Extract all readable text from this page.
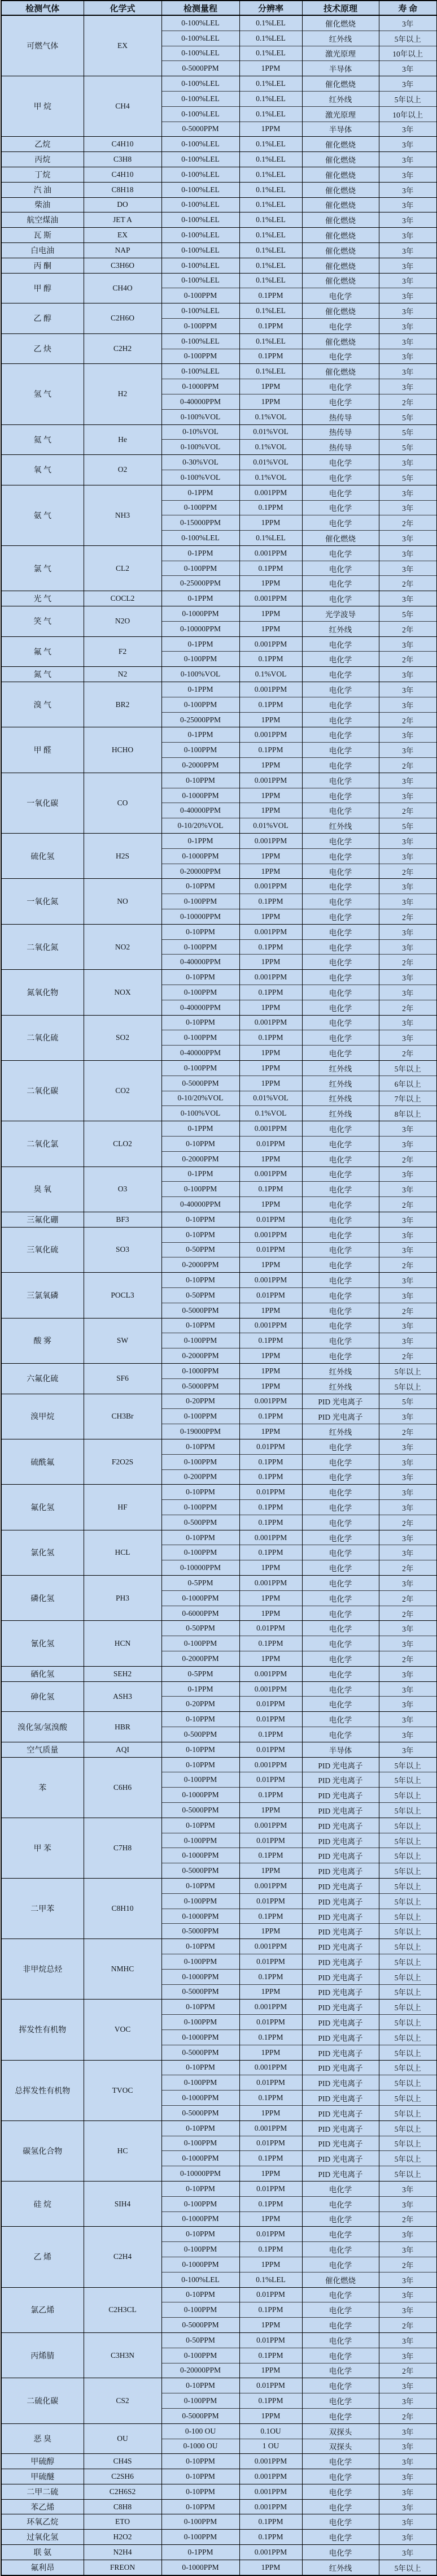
检测气体	化学式	检测量程	分辨率	技术原理	寿 命
可燃气体	EX	0-100%LEL	0.1%LEL	催化燃烧	3年
		0-100%LEL	0.1%LEL	红外线	5年以上
		0-100%LEL	0.1%LEL	激光原理	10年以上
		0-5000PPM	1PPM	半导体	3年
甲 烷	CH4	0-100%LEL	0.1%LEL	催化燃烧	3年
		0-100%LEL	0.1%LEL	红外线	5年以上
		0-100%LEL	0.1%LEL	激光原理	10年以上
		0-5000PPM	1PPM	半导体	3年
乙烷	C4H10	0-100%LEL	0.1%LEL	催化燃烧	3年
丙烷	C3H8	0-100%LEL	0.1%LEL	催化燃烧	3年
丁烷	C4H10	0-100%LEL	0.1%LEL	催化燃烧	3年
汽 油	C8H18	0-100%LEL	0.1%LEL	催化燃烧	3年
柴油	DO	0-100%LEL	0.1%LEL	催化燃烧	3年
航空煤油	JET A	0-100%LEL	0.1%LEL	催化燃烧	3年
瓦 斯	EX	0-100%LEL	0.1%LEL	催化燃烧	3年
白电油	NAP	0-100%LEL	0.1%LEL	催化燃烧	3年
丙 酮	C3H6O	0-100%LEL	0.1%LEL	催化燃烧	3年
甲 醇	CH4O	0-100%LEL	0.1%LEL	催化燃烧	3年
		0-100PPM	0.1PPM	电化学	3年
乙 醇	C2H6O	0-100%LEL	0.1%LEL	催化燃烧	3年
		0-100PPM	0.1PPM	电化学	3年
乙 炔	C2H2	0-100%LEL	0.1%LEL	催化燃烧	3年
		0-100PPM	0.1PPM	电化学	3年
氢 气	H2	0-100%LEL	0.1%LEL	催化燃烧	3年
		0-1000PPM	1PPM	电化学	3年
		0-40000PPM	1PPM	电化学	2年
		0-100%VOL	0.1%VOL	热传导	5年
氦 气	He	0-10%VOL	0.01%VOL	热传导	5年
		0-100%VOL	0.1%VOL	热传导	5年
氧 气	O2	0-30%VOL	0.01%VOL	电化学	3年
		0-100%VOL	0.1%VOL	电化学	5年
氨 气	NH3	0-1PPM	0.001PPM	电化学	3年
		0-100PPM	0.1PPM	电化学	3年
		0-15000PPM	1PPM	电化学	2年
		0-100%LEL	0.1%LEL	催化燃烧	3年
氯 气	CL2	0-1PPM	0.001PPM	电化学	3年
		0-100PPM	0.1PPM	电化学	3年
		0-25000PPM	1PPM	电化学	2年
光 气	COCL2	0-1PPM	0.001PPM	电化学	3年
笑 气	N2O	0-1000PPM	1PPM	光学波导	5年
		0-10000PPM	1PPM	红外线	2年
氟 气	F2	0-1PPM	0.001PPM	电化学	3年
		0-100PPM	0.1PPM	电化学	2年
氮 气	N2	0-100%VOL	0.1%VOL	电化学	3年
溴 气	BR2	0-1PPM	0.001PPM	电化学	3年
		0-100PPM	0.1PPM	电化学	3年
		0-25000PPM	1PPM	电化学	2年
甲 醛	HCHO	0-1PPM	0.001PPM	电化学	3年
		0-100PPM	0.1PPM	电化学	3年
		0-2000PPM	1PPM	电化学	2年
一氧化碳	CO	0-10PPM	0.001PPM	电化学	3年
		0-1000PPM	1PPM	电化学	3年
		0-40000PPM	1PPM	电化学	2年
		0-10/20%VOL	0.01%VOL	红外线	5年
硫化氢	H2S	0-1PPM	0.001PPM	电化学	3年
		0-1000PPM	1PPM	电化学	3年
		0-20000PPM	1PPM	电化学	2年
一氧化氮	NO	0-10PPM	0.001PPM	电化学	3年
		0-100PPM	0.1PPM	电化学	3年
		0-10000PPM	1PPM	电化学	2年
二氧化氮	NO2	0-10PPM	0.001PPM	电化学	3年
		0-100PPM	0.1PPM	电化学	3年
		0-40000PPM	1PPM	电化学	2年
氮氧化物	NOX	0-10PPM	0.001PPM	电化学	3年
		0-100PPM	0.1PPM	电化学	3年
		0-40000PPM	1PPM	电化学	2年
二氧化硫	SO2	0-10PPM	0.001PPM	电化学	3年
		0-100PPM	0.1PPM	电化学	3年
		0-40000PPM	1PPM	电化学	2年
二氧化碳	CO2	0-100PPM	1PPM	红外线	5年以上
		0-5000PPM	1PPM	红外线	6年以上
		0-10/20%VOL	0.01%VOL	红外线	7年以上
		0-100%VOL	0.1%VOL	红外线	8年以上
二氧化氯	CLO2	0-1PPM	0.001PPM	电化学	3年
		0-10PPM	0.01PPM	电化学	3年
		0-2000PPM	1PPM	电化学	2年
臭 氧	O3	0-1PPM	0.001PPM	电化学	3年
		0-100PPM	0.1PPM	电化学	3年
		0-40000PPM	1PPM	电化学	2年
三氟化硼	BF3	0-10PPM	0.01PPM	电化学	3年
三氧化硫	SO3	0-10PPM	0.001PPM	电化学	3年
		0-50PPM	0.01PPM	电化学	3年
		0-2000PPM	1PPM	电化学	2年
三氯氧磷	POCL3	0-10PPM	0.001PPM	电化学	3年
		0-50PPM	0.01PPM	电化学	3年
		0-5000PPM	1PPM	电化学	2年
酸 雾	SW	0-10PPM	0.001PPM	电化学	3年
		0-100PPM	0.1PPM	电化学	3年
		0-2000PPM	1PPM	电化学	2年
六氟化硫	SF6	0-1000PPM	1PPM	红外线	5年以上
		0-5000PPM	1PPM	红外线	5年以上
溴甲烷	CH3Br	0-20PPM	0.001PPM	PID 光电离子	5年
		0-100PPM	0.1PPM	PID 光电离子	3年
		0-19000PPM	1PPM	红外线	2年
硫酰氟	F2O2S	0-10PPM	0.01PPM	电化学	3年
		0-100PPM	0.1PPM	电化学	3年
		0-200PPM	0.1PPM	电化学	3年
氟化氢	HF	0-10PPM	0.01PPM	电化学	3年
		0-100PPM	0.1PPM	电化学	3年
		0-500PPM	0.1PPM	电化学	2年
氯化氢	HCL	0-10PPM	0.001PPM	电化学	3年
		0-100PPM	0.1PPM	电化学	3年
		0-10000PPM	1PPM	电化学	2年
磷化氢	PH3	0-5PPM	0.001PPM	电化学	3年
		0-1000PPM	1PPM	电化学	2年
		0-6000PPM	1PPM	电化学	2年
氰化氢	HCN	0-50PPM	0.01PPM	电化学	3年
		0-100PPM	0.1PPM	电化学	3年
		0-2000PPM	1PPM	电化学	2年
硒化氢	SEH2	0-5PPM	0.001PPM	电化学	3年
砷化氢	ASH3	0-1PPM	0.001PPM	电化学	3年
		0-20PPM	0.01PPM	电化学	3年
溴化氢/氢溴酸	HBR	0-10PPM	0.01PPM	电化学	3年
		0-500PPM	0.1PPM	电化学	3年
空气质量	AQI	0-10PPM	0.01PPM	半导体	3年
苯	C6H6	0-10PPM	0.001PPM	PID 光电离子	5年以上
		0-100PPM	0.01PPM	PID 光电离子	5年以上
		0-1000PPM	0.1PPM	PID 光电离子	5年以上
		0-5000PPM	1PPM	PID 光电离子	5年以上
甲 苯	C7H8	0-10PPM	0.001PPM	PID 光电离子	5年以上
		0-100PPM	0.01PPM	PID 光电离子	5年以上
		0-1000PPM	0.1PPM	PID 光电离子	5年以上
		0-5000PPM	1PPM	PID 光电离子	5年以上
二甲苯	C8H10	0-10PPM	0.001PPM	PID 光电离子	5年以上
		0-100PPM	0.01PPM	PID 光电离子	5年以上
		0-1000PPM	0.1PPM	PID 光电离子	5年以上
		0-5000PPM	1PPM	PID 光电离子	5年以上
非甲烷总烃	NMHC	0-10PPM	0.001PPM	PID 光电离子	5年以上
		0-100PPM	0.01PPM	PID 光电离子	5年以上
		0-1000PPM	0.1PPM	PID 光电离子	5年以上
		0-5000PPM	1PPM	PID 光电离子	5年以上
挥发性有机物	VOC	0-10PPM	0.001PPM	PID 光电离子	5年以上
		0-100PPM	0.01PPM	PID 光电离子	5年以上
		0-1000PPM	0.1PPM	PID 光电离子	5年以上
		0-5000PPM	1PPM	PID 光电离子	5年以上
总挥发性有机物	TVOC	0-10PPM	0.001PPM	PID 光电离子	5年以上
		0-100PPM	0.01PPM	PID 光电离子	5年以上
		0-1000PPM	0.1PPM	PID 光电离子	5年以上
		0-5000PPM	1PPM	PID 光电离子	5年以上
碳氢化合物	HC	0-10PPM	0.001PPM	PID 光电离子	5年以上
		0-100PPM	0.01PPM	PID 光电离子	5年以上
		0-1000PPM	0.1PPM	PID 光电离子	5年以上
		0-10000PPM	1PPM	PID 光电离子	5年以上
硅 烷	SIH4	0-10PPM	0.01PPM	电化学	3年
		0-100PPM	0.1PPM	电化学	3年
		0-1000PPM	1PPM	电化学	2年
乙 烯	C2H4	0-10PPM	0.01PPM	电化学	3年
		0-100PPM	0.1PPM	电化学	3年
		0-1000PPM	1PPM	电化学	2年
		0-100%LEL	0.1%LEL	催化燃烧	3年
氯乙烯	C2H3CL	0-10PPM	0.01PPM	电化学	3年
		0-100PPM	0.1PPM	电化学	3年
		0-5000PPM	1PPM	电化学	2年
丙烯腈	C3H3N	0-50PPM	0.01PPM	电化学	3年
		0-100PPM	0.1PPM	电化学	3年
		0-20000PPM	1PPM	电化学	2年
二硫化碳	CS2	0-10PPM	0.01PPM	电化学	3年
		0-100PPM	0.1PPM	电化学	3年
		0-5000PPM	1PPM	电化学	2年
恶 臭	OU	0-100 OU	0.1OU	双探头	3年
		0-1000 OU	1 OU	双探头	3年
甲硫醇	CH4S	0-10PPM	0.001PPM	电化学	3年
甲硫醚	C2SH6	0-10PPM	0.001PPM	电化学	3年
二甲二硫	C2H6S2	0-10PPM	0.001PPM	电化学	3年
苯乙烯	C8H8	0-10PPM	0.001PPM	电化学	3年
环氧乙烷	ETO	0-100PPM	0.1PPM	电化学	3年
过氧化氢	H2O2	0-100PPM	0.1PPM	电化学	3年
联 氨	N2H4	0-1PPM	0.001PPM	电化学	3年
氟利昂	FREON	0-1000PPM	1PPM	红外线	5年以上
